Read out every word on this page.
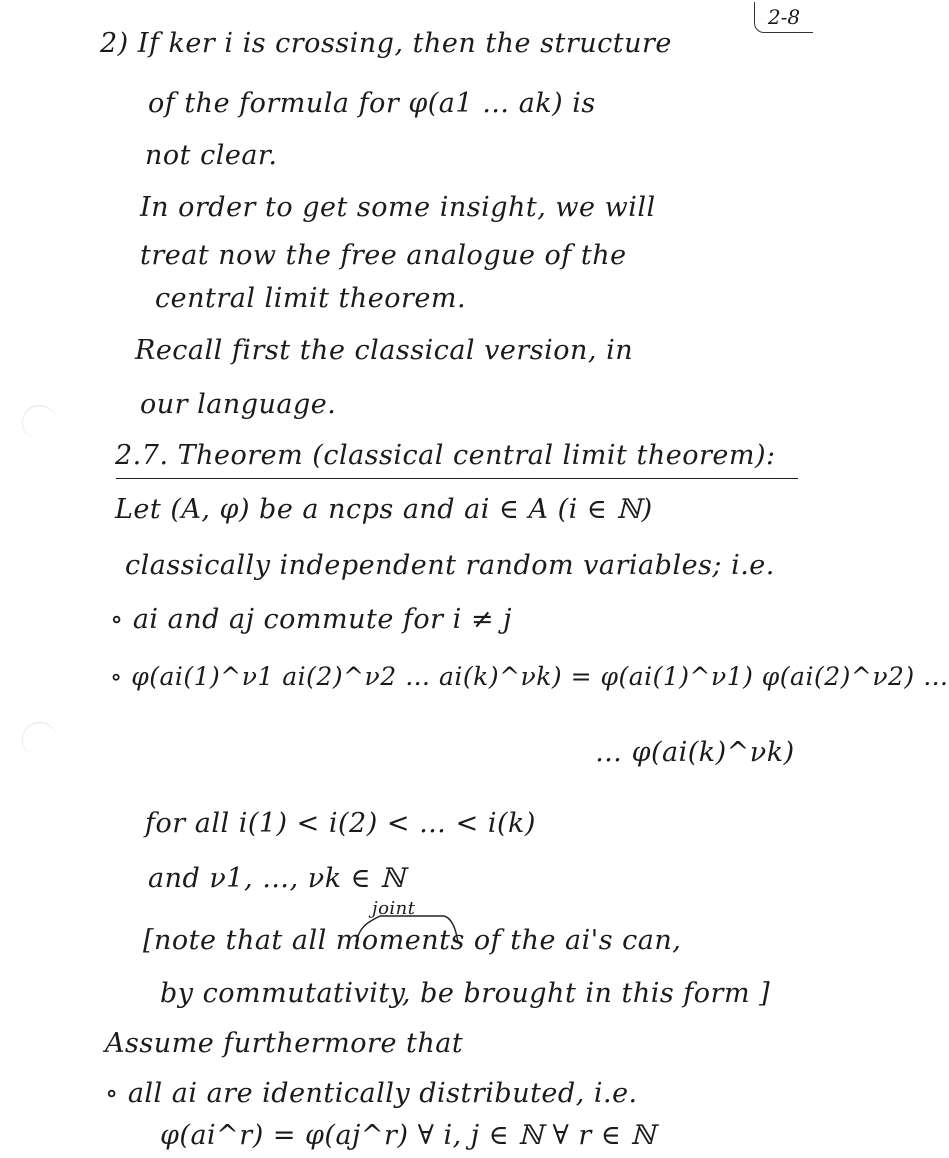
2-8
2) If ker i is crossing, then the structure
of the formula for φ(a1 … ak) is
not clear.
In order to get some insight, we will
treat now the free analogue of the
central limit theorem.
Recall first the classical version, in
our language.
2.7. Theorem (classical central limit theorem):
Let (A, φ) be a ncps and ai ∈ A (i ∈ ℕ)
classically independent random variables; i.e.
∘ ai and aj commute for i ≠ j
∘ φ(ai(1)^ν1 ai(2)^ν2 … ai(k)^νk) = φ(ai(1)^ν1) φ(ai(2)^ν2) …
… φ(ai(k)^νk)
for all i(1) < i(2) < … < i(k)
and ν1, …, νk ∈ ℕ
joint
[note that all moments of the ai's can,
by commutativity, be brought in this form ]
Assume furthermore that
∘ all ai are identically distributed, i.e.
φ(ai^r) = φ(aj^r) ∀ i, j ∈ ℕ ∀ r ∈ ℕ
